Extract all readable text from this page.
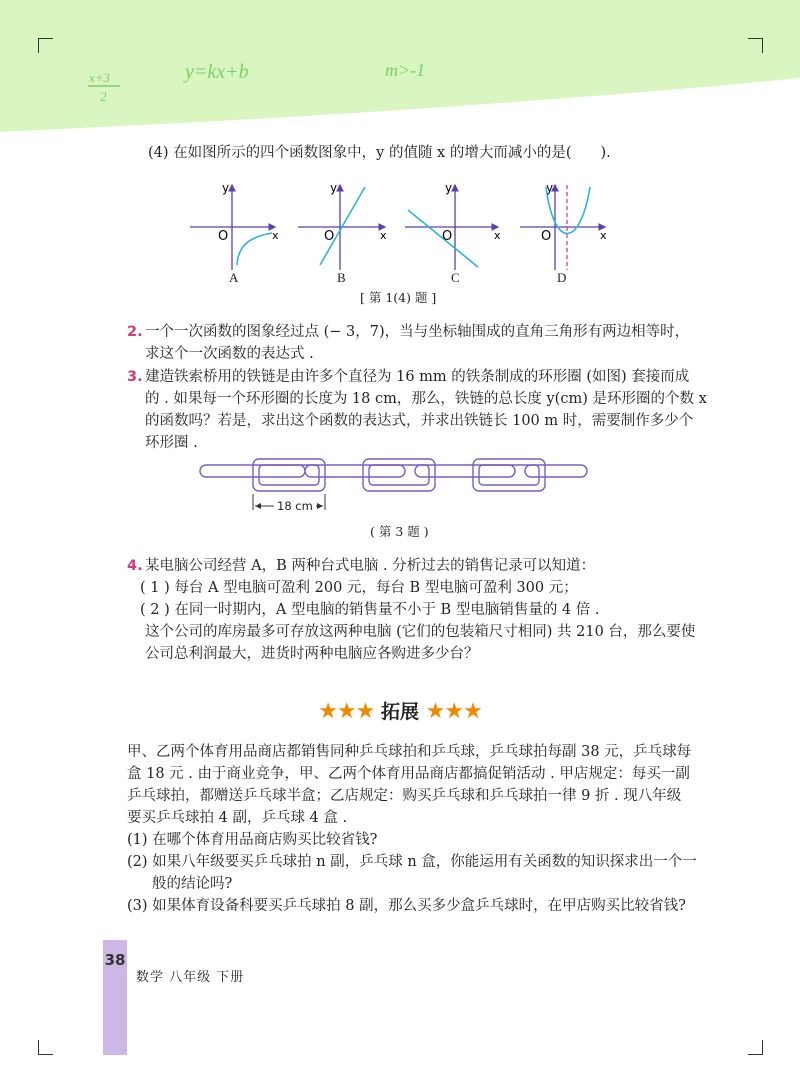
x+3
2
y=kx+b	m>-1
(4) 在如图所示的四个函数图象中，y 的值随 x 的增大而减小的是(　　).
y
x
O
y
x
O
y
x
O
y
x
O
A	B	C	D
[ 第 1(4) 题 ]
2. 一个一次函数的图象经过点 (− 3，7)，当与坐标轴围成的直角三角形有两边相等时，
求这个一次函数的表达式 .
3. 建造铁索桥用的铁链是由许多个直径为 16 mm 的铁条制成的环形圈 (如图) 套接而成
的 . 如果每一个环形圈的长度为 18 cm，那么，铁链的总长度 y(cm) 是环形圈的个数 x
的函数吗？若是，求出这个函数的表达式，并求出铁链长 100 m 时，需要制作多少个
环形圈 .
18 cm
( 第 3 题 )
4. 某电脑公司经营 A，B 两种台式电脑 . 分析过去的销售记录可以知道：
( 1 ) 每台 A 型电脑可盈利 200 元，每台 B 型电脑可盈利 300 元；
( 2 ) 在同一时期内，A 型电脑的销售量不小于 B 型电脑销售量的 4 倍 .
这个公司的库房最多可存放这两种电脑 (它们的包装箱尺寸相同) 共 210 台，那么要使
公司总利润最大，进货时两种电脑应各购进多少台？
★★★ 拓展 ★★★
甲、乙两个体育用品商店都销售同种乒乓球拍和乒乓球，乒乓球拍每副 38 元，乒乓球每
盒 18 元 . 由于商业竞争，甲、乙两个体育用品商店都搞促销活动 . 甲店规定：每买一副
乒乓球拍，都赠送乒乓球半盒；乙店规定：购买乒乓球和乒乓球拍一律 9 折 . 现八年级
要买乒乓球拍 4 副，乒乓球 4 盒 .
(1) 在哪个体育用品商店购买比较省钱?
(2) 如果八年级要买乒乓球拍 n 副，乒乓球 n 盒，你能运用有关函数的知识探求出一个一
般的结论吗?
(3) 如果体育设备科要买乒乓球拍 8 副，那么买多少盒乒乓球时，在甲店购买比较省钱?
38
数学 八年级 下册
